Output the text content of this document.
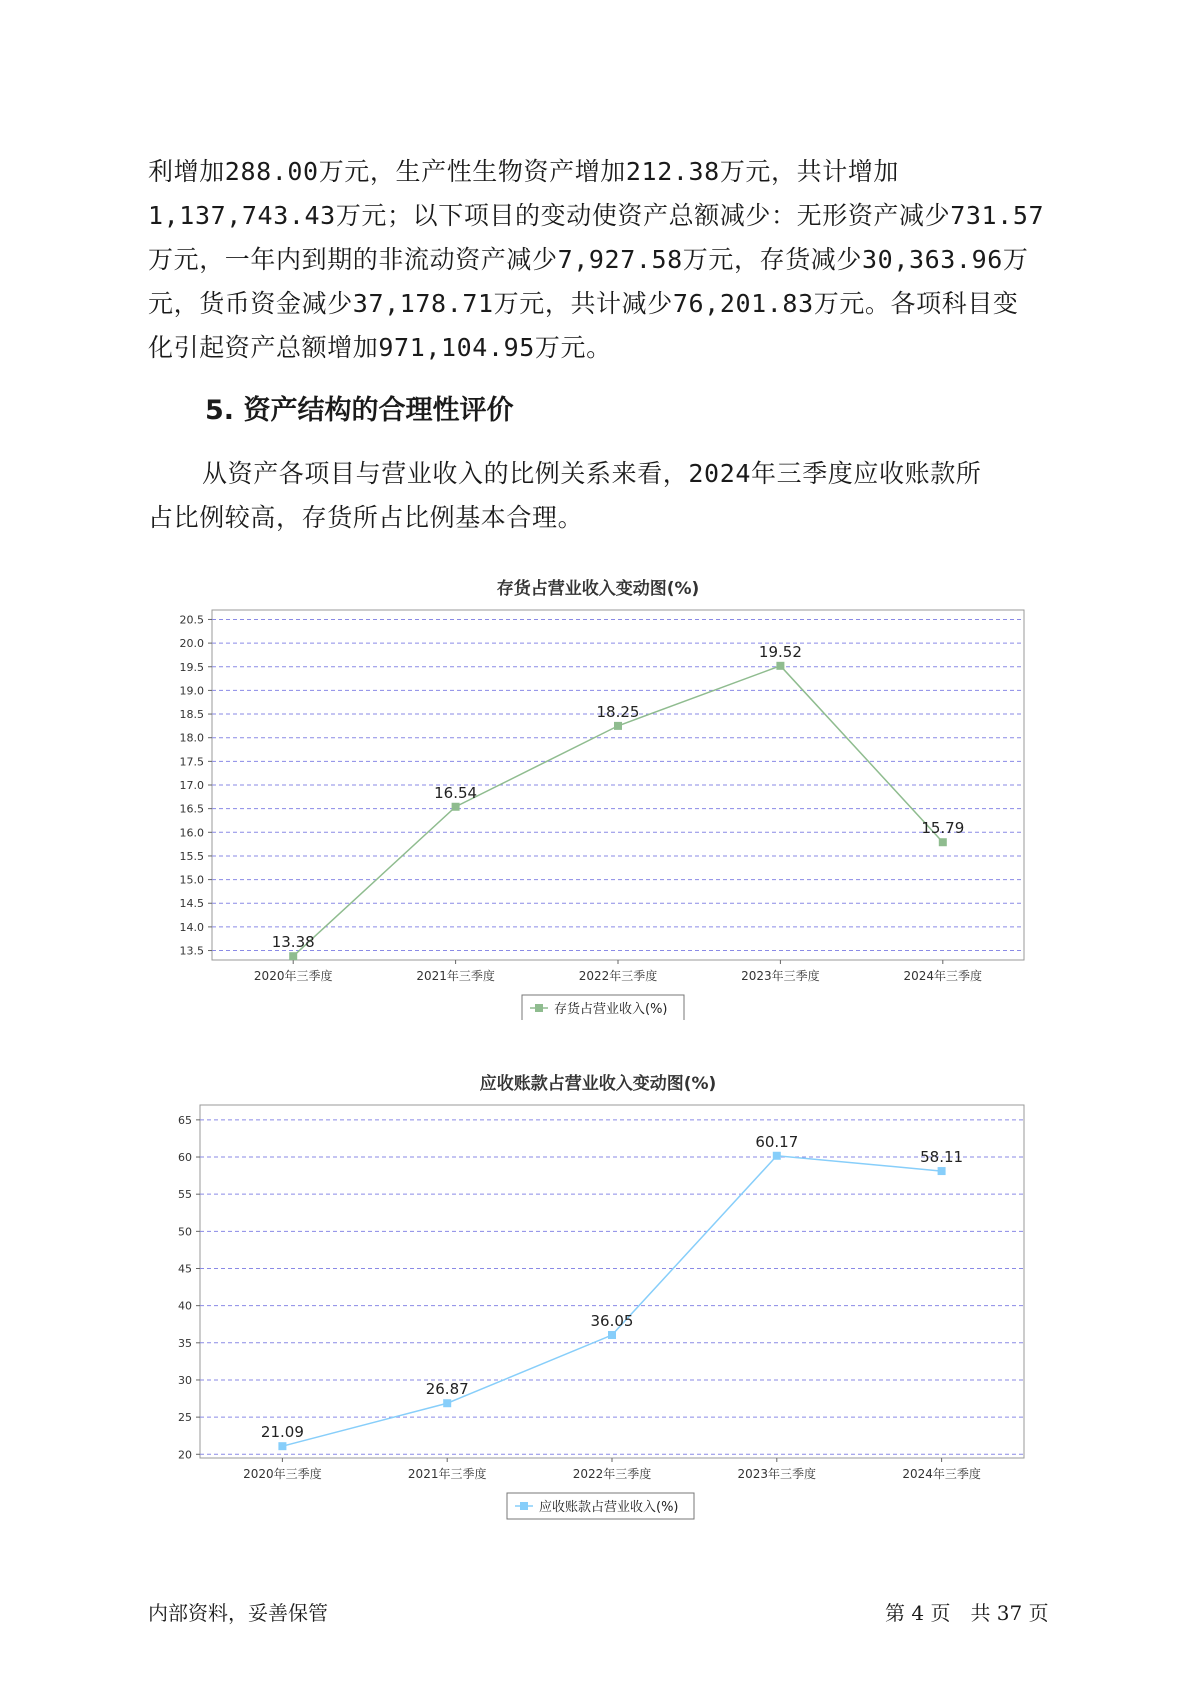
利增加288.00万元，生产性生物资产增加212.38万元，共计增加
1,137,743.43万元；以下项目的变动使资产总额减少：无形资产减少731.57
万元，一年内到期的非流动资产减少7,927.58万元，存货减少30,363.96万
元，货币资金减少37,178.71万元，共计减少76,201.83万元。各项科目变
化引起资产总额增加971,104.95万元。
5. 资产结构的合理性评价
从资产各项目与营业收入的比例关系来看，2024年三季度应收账款所
占比例较高，存货所占比例基本合理。
存货占营业收入变动图(%)
13.5
14.0
14.5
15.0
15.5
16.0
16.5
17.0
17.5
18.0
18.5
19.0
19.5
20.0
20.5
2020年三季度	2021年三季度	2022年三季度	2023年三季度	2024年三季度
13.38
16.54
18.25
19.52
15.79
存货占营业收入(%)
应收账款占营业收入变动图(%)
20
25
30
35
40
45
50
55
60
65
2020年三季度	2021年三季度	2022年三季度	2023年三季度	2024年三季度
21.09
26.87
36.05
60.17
58.11
应收账款占营业收入(%)
内部资料，妥善保管	第 4 页　共 37 页
